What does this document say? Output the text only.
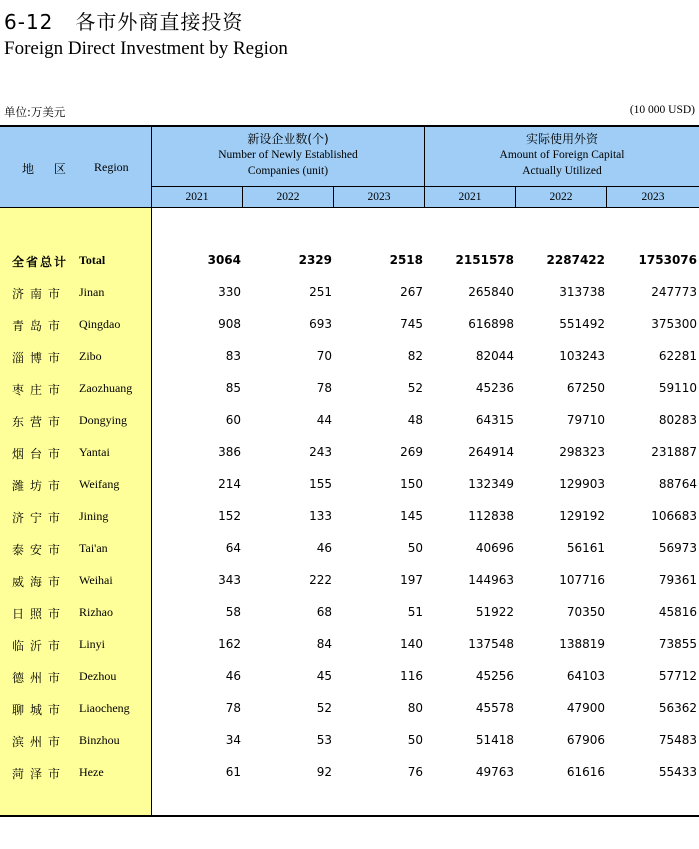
6-12 各市外商直接投资
Foreign Direct Investment by Region
单位:万美元	(10 000 USD)
地 区 Region
新设企业数(个)
Number of Newly Established
Companies (unit)
实际使用外资
Amount of Foreign Capital
Actually Utilized
2021	2022	2023	2021	2022	2023
全省总计 Total	3064	2329	2518	2151578	2287422	1753076
济南市 Jinan	330	251	267	265840	313738	247773
青岛市 Qingdao	908	693	745	616898	551492	375300
淄博市 Zibo	83	70	82	82044	103243	62281
枣庄市 Zaozhuang	85	78	52	45236	67250	59110
东营市 Dongying	60	44	48	64315	79710	80283
烟台市 Yantai	386	243	269	264914	298323	231887
潍坊市 Weifang	214	155	150	132349	129903	88764
济宁市 Jining	152	133	145	112838	129192	106683
泰安市 Tai'an	64	46	50	40696	56161	56973
威海市 Weihai	343	222	197	144963	107716	79361
日照市 Rizhao	58	68	51	51922	70350	45816
临沂市 Linyi	162	84	140	137548	138819	73855
德州市 Dezhou	46	45	116	45256	64103	57712
聊城市 Liaocheng	78	52	80	45578	47900	56362
滨州市 Binzhou	34	53	50	51418	67906	75483
菏泽市 Heze	61	92	76	49763	61616	55433
